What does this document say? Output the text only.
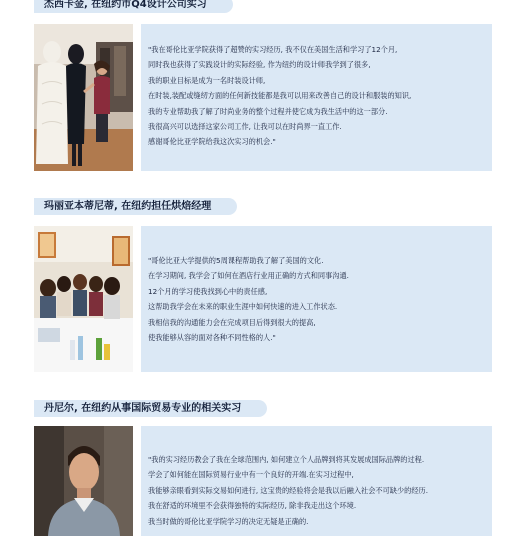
杰西卡金, 在纽约市Q4设计公司实习
"我在哥伦比亚学院获得了超赞的实习经历, 我不仅在美国生活和学习了12个月,
同时我也获得了实践设计的实际经验, 作为纽约的设计师我学到了很多,
我的职业目标是成为一名时装设计师,
在时装,装配或缝纫方面的任何新技能都是我可以用来改善自己的设计和服装的知识,
我的专业帮助我了解了时尚业务的整个过程并使它成为我生活中的这一部分.
我很高兴可以选择这家公司工作, 让我可以在时尚界一直工作.
感谢哥伦比亚学院给我这次实习的机会."
玛丽亚本蒂尼蒂, 在纽约担任烘焙经理
"哥伦比亚大学提供的5周课程帮助我了解了美国的文化.
在学习期间, 我学会了如何在酒店行业用正确的方式和同事沟通.
12个月的学习使我找到心中的责任感,
这帮助我学会在未来的职业生涯中如何快速的进入工作状态.
我相信我的沟通能力会在完成项目后得到很大的提高,
使我能够从容的面对各种不同性格的人."
丹尼尔, 在纽约从事国际贸易专业的相关实习
"我的实习经历教会了我在全球范围内, 如何建立个人品牌到将其发展成国际品牌的过程.
学会了如何能在国际贸易行业中有一个良好的开端.在实习过程中,
我能够亲眼看到实际交易如何进行, 这宝贵的经验将会是我以后融入社会不可缺少的经历.
我在舒适的环境里不会获得独特的实际经历, 除非我走出这个环境.
我当时做的哥伦比亚学院学习的决定无疑是正确的.
